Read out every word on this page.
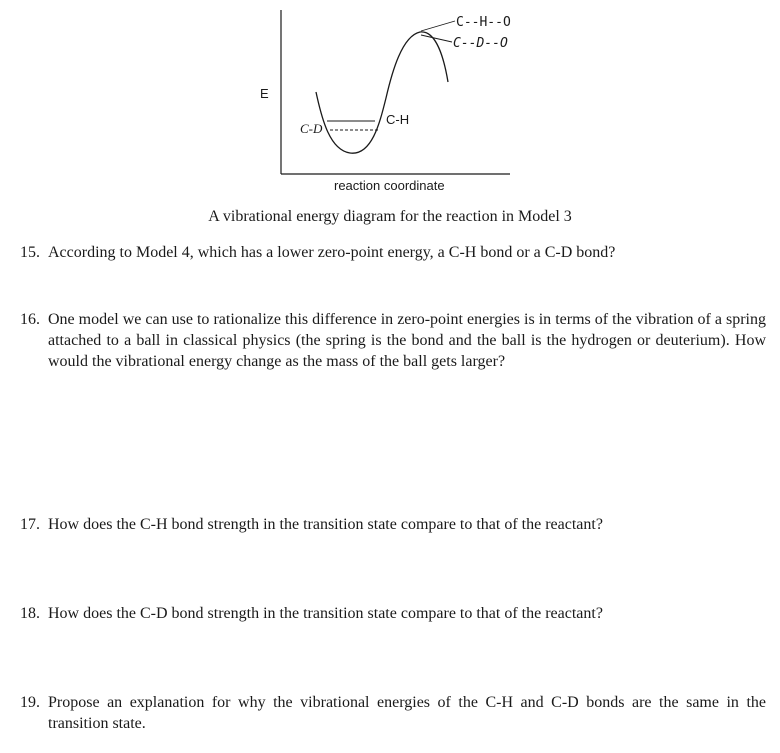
E
reaction coordinate
C--H--O
C--D--O
C-H
C-D
A vibrational energy diagram for the reaction in Model 3
15. According to Model 4, which has a lower zero-point energy, a C-H bond or a C-D bond?
16. One model we can use to rationalize this difference in zero-point energies is in terms of the vibration of a spring attached to a ball in classical physics (the spring is the bond and the ball is the hydrogen or deuterium). How would the vibrational energy change as the mass of the ball gets larger?
17. How does the C-H bond strength in the transition state compare to that of the reactant?
18. How does the C-D bond strength in the transition state compare to that of the reactant?
19. Propose an explanation for why the vibrational energies of the C-H and C-D bonds are the same in the transition state.
